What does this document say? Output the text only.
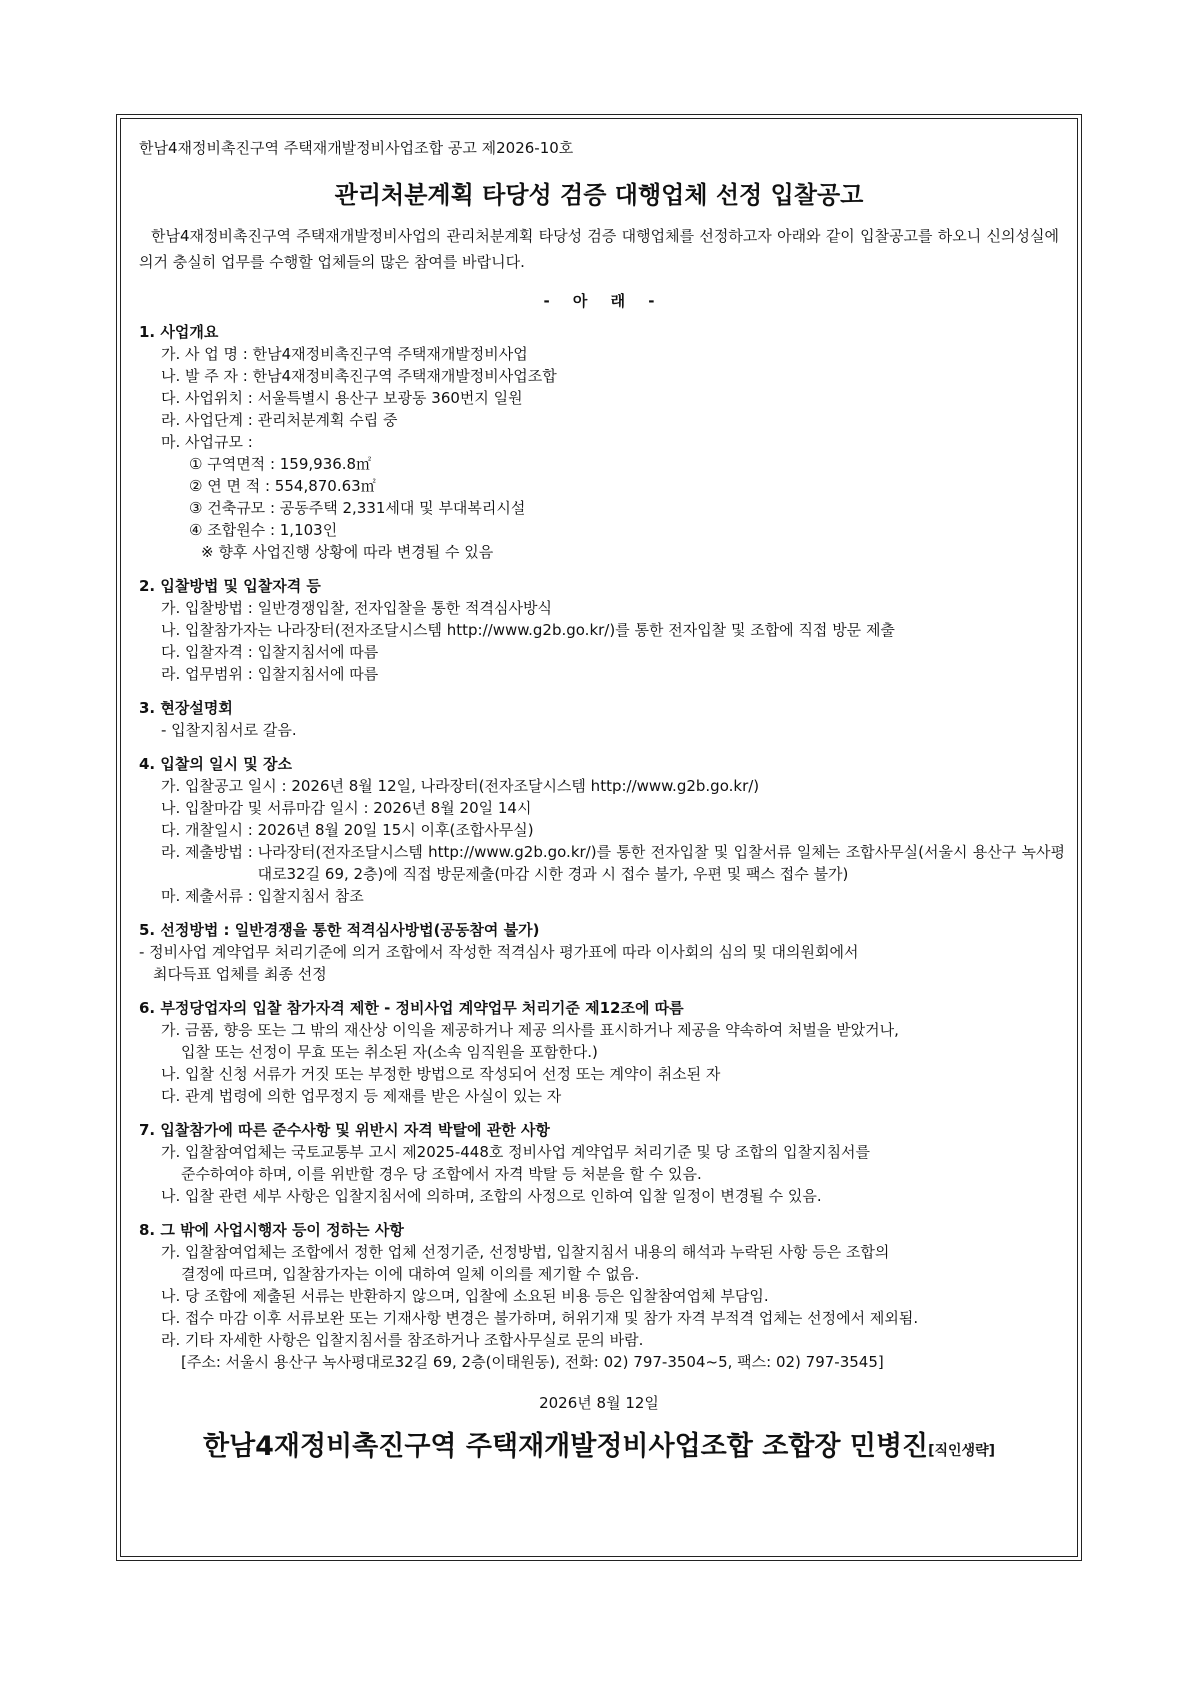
한남4재정비촉진구역 주택재개발정비사업조합 공고 제2026-10호
관리처분계획 타당성 검증 대행업체 선정 입찰공고
한남4재정비촉진구역 주택재개발정비사업의 관리처분계획 타당성 검증 대행업체를 선정하고자 아래와 같이 입찰공고를 하오니 신의성실에 의거 충실히 업무를 수행할 업체들의 많은 참여를 바랍니다.
- 아 래 -
1. 사업개요
가. 사 업 명 : 한남4재정비촉진구역 주택재개발정비사업
나. 발 주 자 : 한남4재정비촉진구역 주택재개발정비사업조합
다. 사업위치 : 서울특별시 용산구 보광동 360번지 일원
라. 사업단계 : 관리처분계획 수립 중
마. 사업규모 :
① 구역면적 : 159,936.8㎡
② 연 면 적 : 554,870.63㎡
③ 건축규모 : 공동주택 2,331세대 및 부대복리시설
④ 조합원수 : 1,103인
※ 향후 사업진행 상황에 따라 변경될 수 있음
2. 입찰방법 및 입찰자격 등
가. 입찰방법 : 일반경쟁입찰, 전자입찰을 통한 적격심사방식
나. 입찰참가자는 나라장터(전자조달시스템 http://www.g2b.go.kr/)를 통한 전자입찰 및 조합에 직접 방문 제출
다. 입찰자격 : 입찰지침서에 따름
라. 업무범위 : 입찰지침서에 따름
3. 현장설명회
- 입찰지침서로 갈음.
4. 입찰의 일시 및 장소
가. 입찰공고 일시 : 2026년 8월 12일, 나라장터(전자조달시스템 http://www.g2b.go.kr/)
나. 입찰마감 및 서류마감 일시 : 2026년 8월 20일 14시
다. 개찰일시 : 2026년 8월 20일 15시 이후(조합사무실)
라. 제출방법 : 나라장터(전자조달시스템 http://www.g2b.go.kr/)를 통한 전자입찰 및 입찰서류 일체는 조합사무실(서울시 용산구 녹사평대로32길 69, 2층)에 직접 방문제출(마감 시한 경과 시 접수 불가, 우편 및 팩스 접수 불가)
마. 제출서류 : 입찰지침서 참조
5. 선정방법 : 일반경쟁을 통한 적격심사방법(공동참여 불가)
- 정비사업 계약업무 처리기준에 의거 조합에서 작성한 적격심사 평가표에 따라 이사회의 심의 및 대의원회에서
최다득표 업체를 최종 선정
6. 부정당업자의 입찰 참가자격 제한 - 정비사업 계약업무 처리기준 제12조에 따름
가. 금품, 향응 또는 그 밖의 재산상 이익을 제공하거나 제공 의사를 표시하거나 제공을 약속하여 처벌을 받았거나,
입찰 또는 선정이 무효 또는 취소된 자(소속 임직원을 포함한다.)
나. 입찰 신청 서류가 거짓 또는 부정한 방법으로 작성되어 선정 또는 계약이 취소된 자
다. 관계 법령에 의한 업무정지 등 제재를 받은 사실이 있는 자
7. 입찰참가에 따른 준수사항 및 위반시 자격 박탈에 관한 사항
가. 입찰참여업체는 국토교통부 고시 제2025-448호 정비사업 계약업무 처리기준 및 당 조합의 입찰지침서를
준수하여야 하며, 이를 위반할 경우 당 조합에서 자격 박탈 등 처분을 할 수 있음.
나. 입찰 관련 세부 사항은 입찰지침서에 의하며, 조합의 사정으로 인하여 입찰 일정이 변경될 수 있음.
8. 그 밖에 사업시행자 등이 정하는 사항
가. 입찰참여업체는 조합에서 정한 업체 선정기준, 선정방법, 입찰지침서 내용의 해석과 누락된 사항 등은 조합의
결정에 따르며, 입찰참가자는 이에 대하여 일체 이의를 제기할 수 없음.
나. 당 조합에 제출된 서류는 반환하지 않으며, 입찰에 소요된 비용 등은 입찰참여업체 부담임.
다. 접수 마감 이후 서류보완 또는 기재사항 변경은 불가하며, 허위기재 및 참가 자격 부적격 업체는 선정에서 제외됨.
라. 기타 자세한 사항은 입찰지침서를 참조하거나 조합사무실로 문의 바람.
[주소: 서울시 용산구 녹사평대로32길 69, 2층(이태원동), 전화: 02) 797-3504~5, 팩스: 02) 797-3545]
2026년 8월 12일
한남4재정비촉진구역 주택재개발정비사업조합 조합장 민병진[직인생략]
